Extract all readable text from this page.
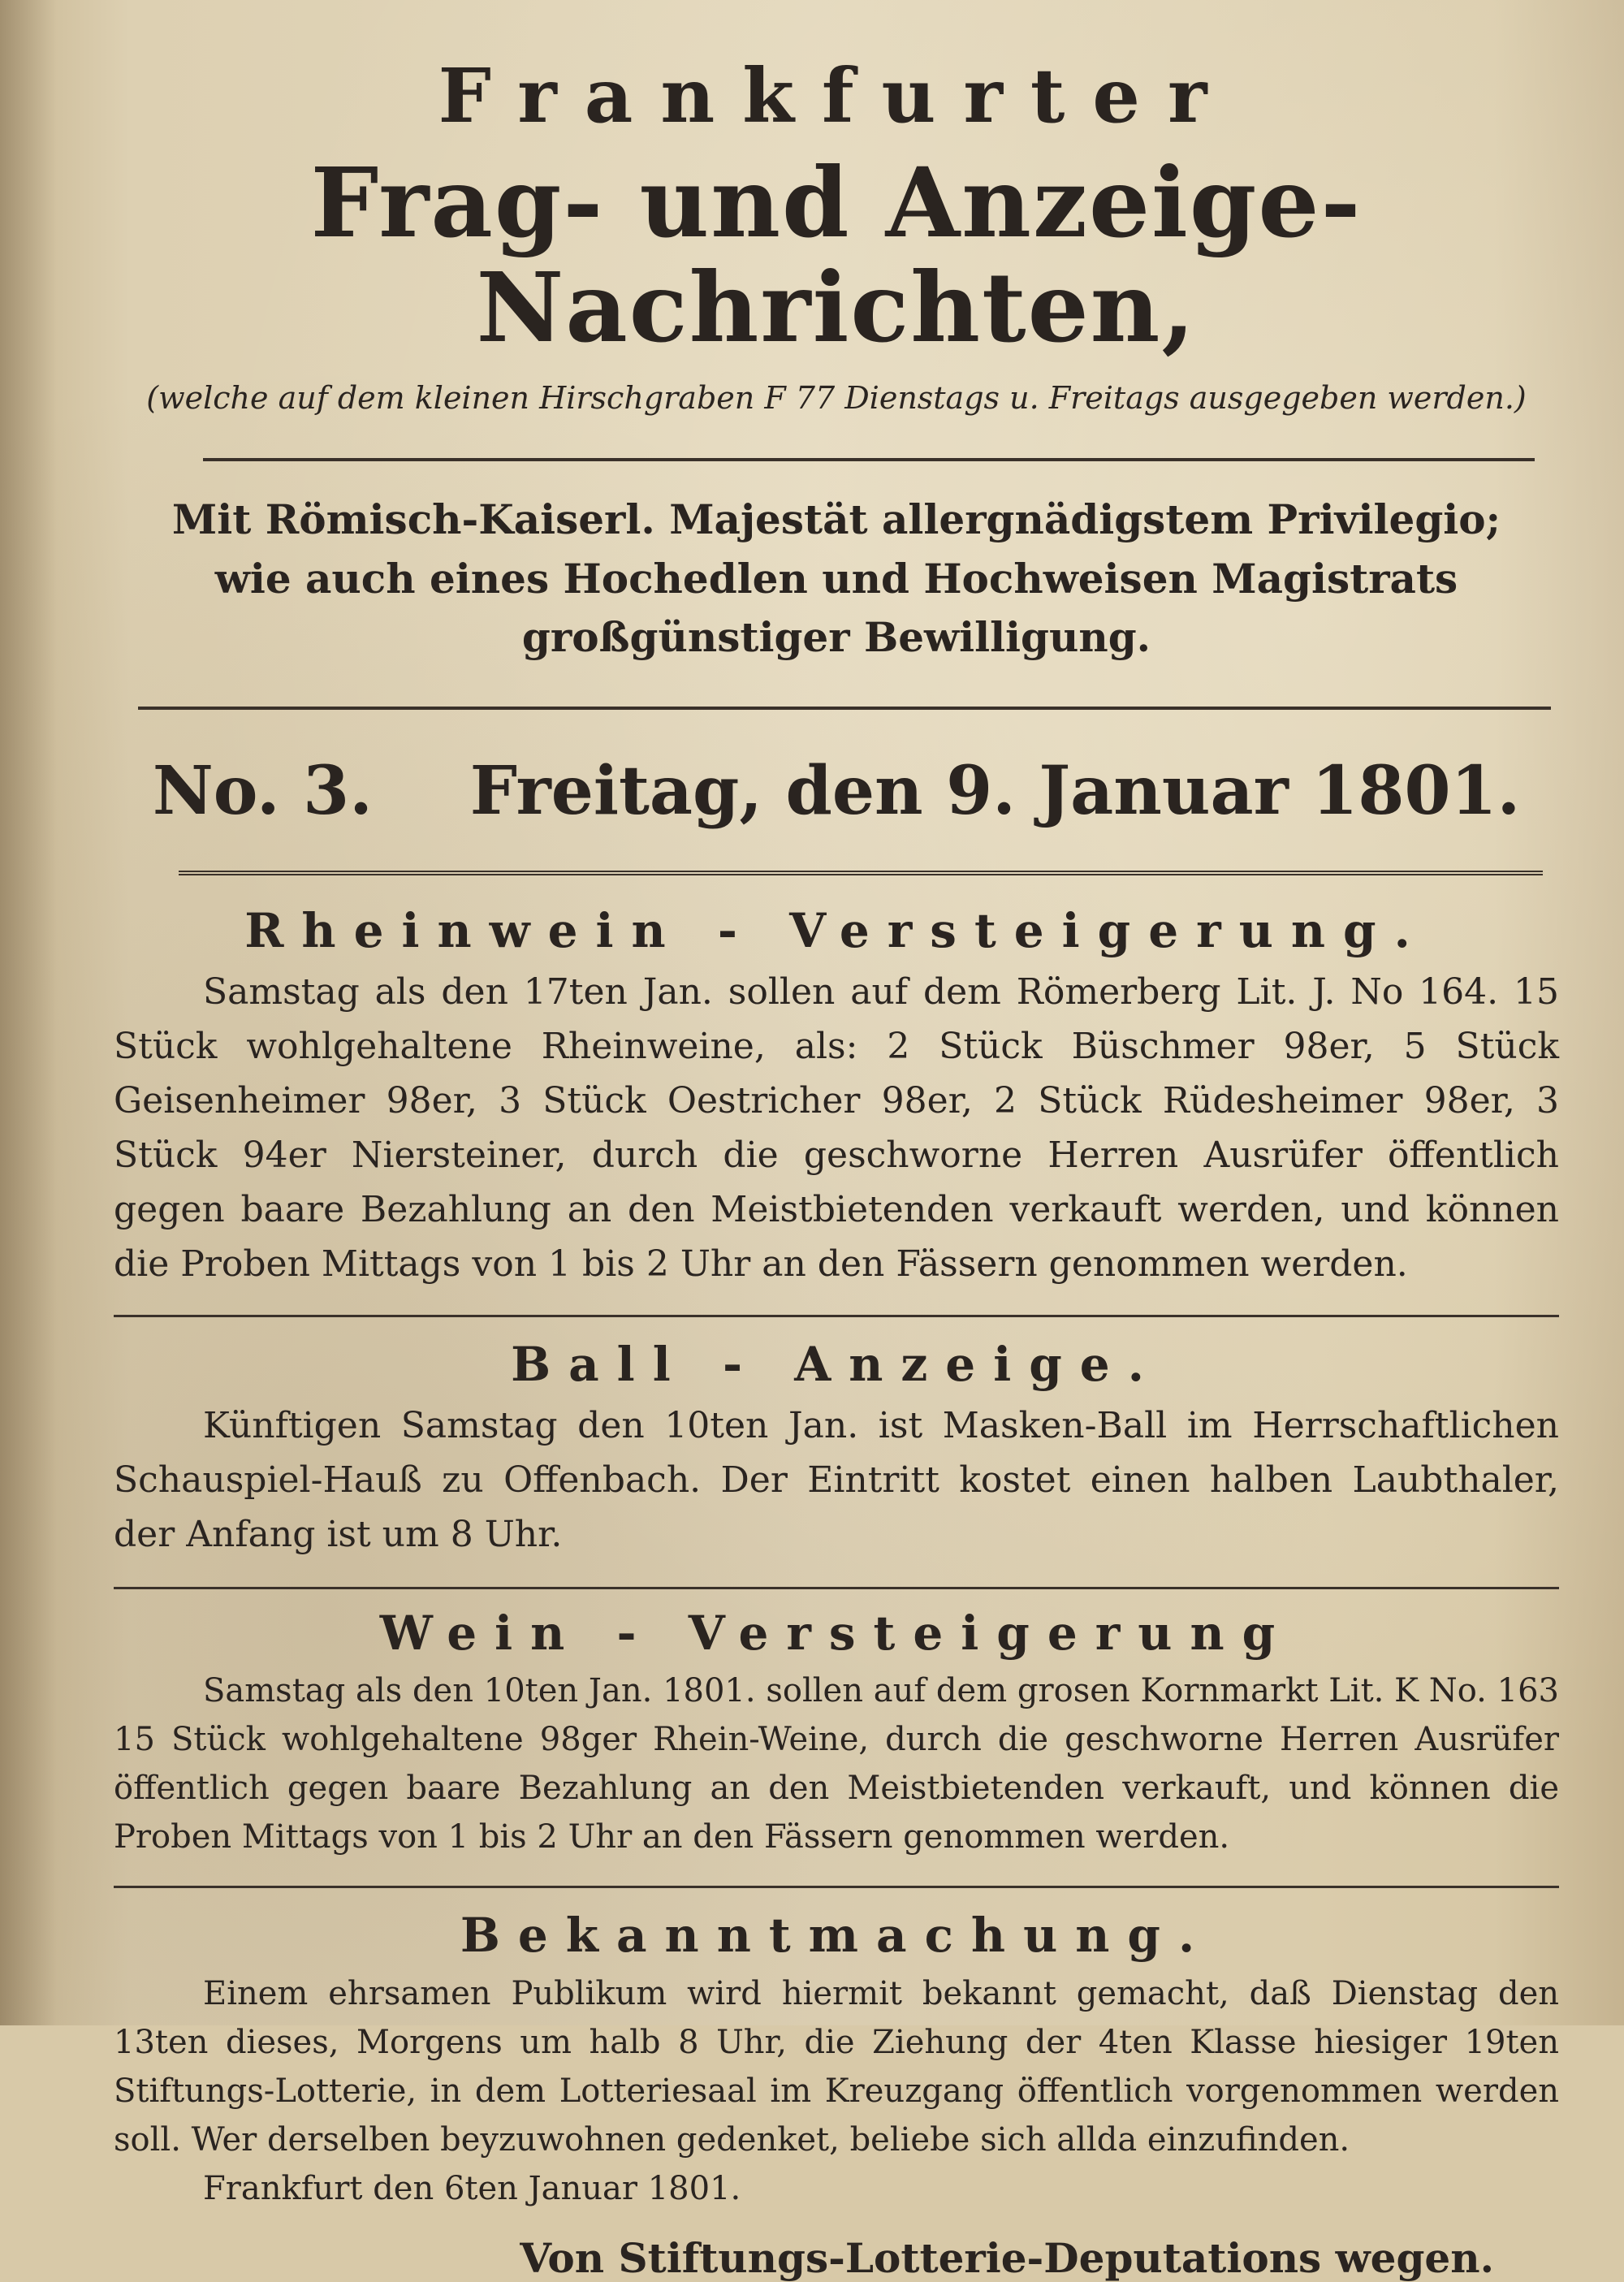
Frankfurter
Frag- und Anzeige-Nachrichten,

(welche auf dem kleinen Hirschgraben F 77 Dienstags u. Freitags ausgegeben werden.)

Mit Römisch-Kaiserl. Majestät allergnädigstem Privilegio;

wie auch eines Hochedlen und Hochweisen Magistrats großgünstiger Bewilligung.

No. 3. Freitag, den 9. Januar 1801.
Rheinwein - Versteigerung.

Samstag als den 17ten Jan. sollen auf dem Römerberg Lit. J. No 164. 15 Stück wohlgehaltene Rheinweine, als: 2 Stück Büschmer 98er, 5 Stück Geisenheimer 98er, 3 Stück Oestricher 98er, 2 Stück Rüdesheimer 98er, 3 Stück 94er Niersteiner, durch die geschworne Herren Ausrüfer öffentlich gegen baare Bezahlung an den Meistbietenden verkauft werden, und können die Proben Mittags von 1 bis 2 Uhr an den Fässern genommen werden.

Ball - Anzeige.

Künftigen Samstag den 10ten Jan. ist Masken-Ball im Herrschaftlichen Schauspiel-Hauß zu Offenbach. Der Eintritt kostet einen halben Laubthaler, der Anfang ist um 8 Uhr.

Wein - Versteigerung

Samstag als den 10ten Jan. 1801. sollen auf dem grosen Kornmarkt Lit. K No. 163 15 Stück wohlgehaltene 98ger Rhein-Weine, durch die geschworne Herren Ausrüfer öffentlich gegen baare Bezahlung an den Meistbietenden verkauft, und können die Proben Mittags von 1 bis 2 Uhr an den Fässern genommen werden.

Bekanntmachung.

Einem ehrsamen Publikum wird hiermit bekannt gemacht, daß Dienstag den 13ten dieses, Morgens um halb 8 Uhr, die Ziehung der 4ten Klasse hiesiger 19ten Stiftungs-Lotterie, in dem Lotteriesaal im Kreuzgang öffentlich vorgenommen werden soll. Wer derselben beyzuwohnen gedenket, beliebe sich allda einzufinden.

Frankfurt den 6ten Januar 1801.

Von Stiftungs-Lotterie-Deputations wegen.
